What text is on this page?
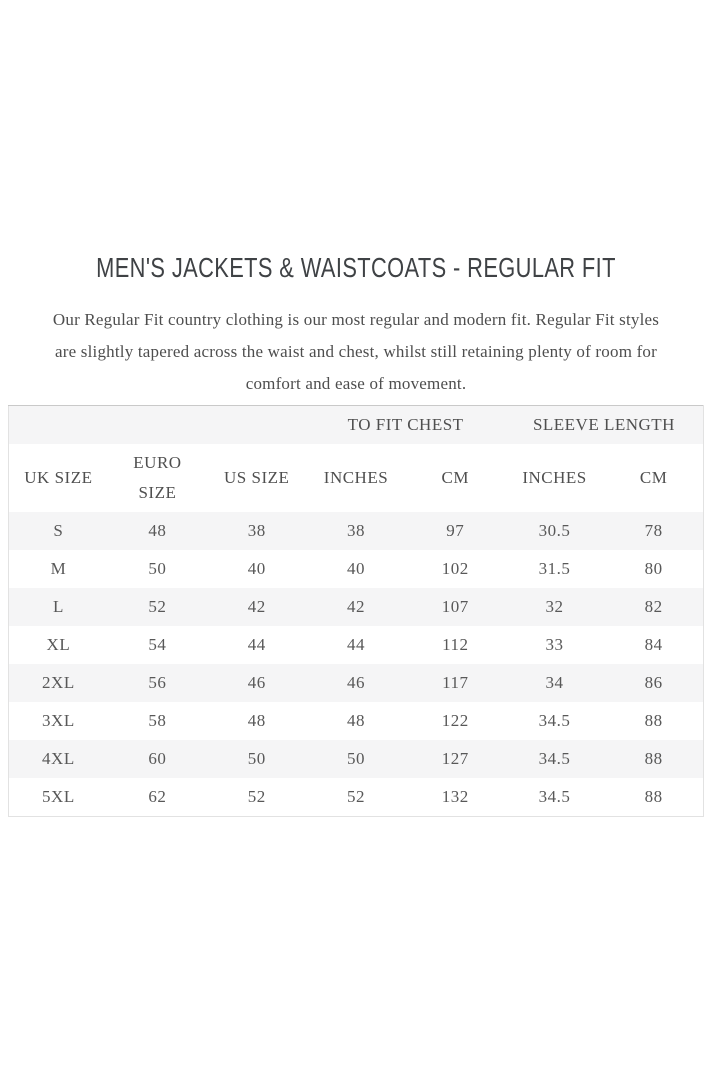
MEN'S JACKETS & WAISTCOATS - REGULAR FIT
Our Regular Fit country clothing is our most regular and modern fit. Regular Fit styles
are slightly tapered across the waist and chest, whilst still retaining plenty of room for
comfort and ease of movement.
			TO FIT CHEST		SLEEVE LENGTH	
UK SIZE	EURO SIZE	US SIZE	INCHES	CM	INCHES	CM
S	48	38	38	97	30.5	78
M	50	40	40	102	31.5	80
L	52	42	42	107	32	82
XL	54	44	44	112	33	84
2XL	56	46	46	117	34	86
3XL	58	48	48	122	34.5	88
4XL	60	50	50	127	34.5	88
5XL	62	52	52	132	34.5	88
